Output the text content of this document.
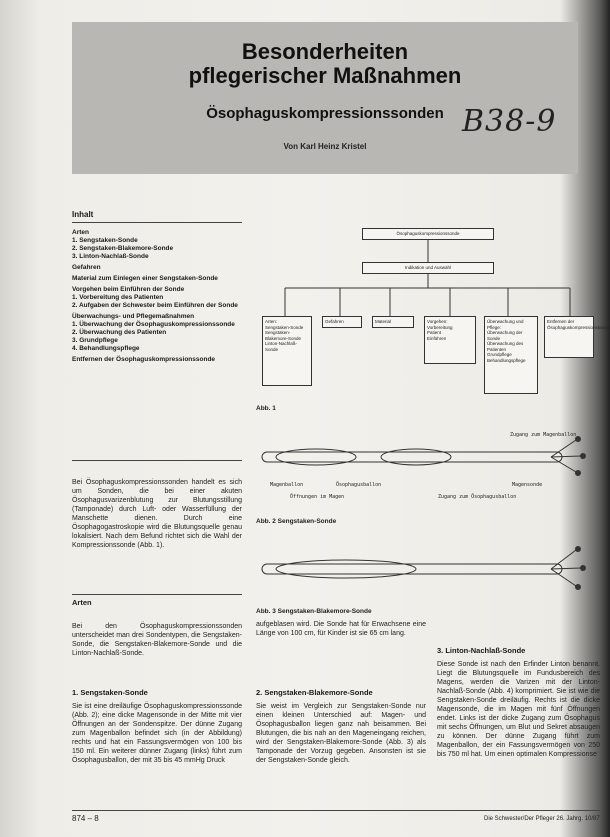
Besonderheiten
pflegerischer Maßnahmen
Ösophaguskompressionssonden
Von Karl Heinz Kristel
B38-9
Inhalt
Arten
1. Sengstaken-Sonde
2. Sengstaken-Blakemore-Sonde
3. Linton-Nachlaß-Sonde
Gefahren
Material zum Einlegen einer Sengstaken-Sonde
Vorgehen beim Einführen der Sonde
1. Vorbereitung des Patienten
2. Aufgaben der Schwester beim Einführen der Sonde
Überwachungs- und Pflegemaßnahmen
1. Überwachung der Ösophaguskompressionssonde
2. Überwachung des Patienten
3. Grundpflege
4. Behandlungspflege
Entfernen der Ösophaguskompressionssonde
Bei Ösophaguskompressionssonden handelt es sich um Sonden, die bei einer akuten Ösophagusvarizenblutung zur Blutungsstillung (Tamponade) durch Luft- oder Wasserfüllung der Manschette dienen. Durch eine Ösophagogastroskopie wird die Blutungsquelle genau lokalisiert. Nach dem Befund richtet sich die Wahl der Kompressionssonde (Abb. 1).
Arten
Bei den Ösophaguskompressionssonden unterscheidet man drei Sondentypen, die Sengstaken-Sonde, die Sengstaken-Blakemore-Sonde und die Linton-Nachlaß-Sonde.
1. Sengstaken-Sonde
Sie ist eine dreiläufige Ösophaguskompressionssonde (Abb. 2); eine dicke Magensonde in der Mitte mit vier Öffnungen an der Sondenspitze. Der dünne Zugang zum Magenballon befindet sich (in der Abbildung) rechts und hat ein Fassungsvermögen von 100 bis 150 ml. Ein weiterer dünner Zugang (links) führt zum Ösophagusballon, der mit 35 bis 45 mmHg Druck
aufgeblasen wird. Die Sonde hat für Erwachsene eine Länge von 100 cm, für Kinder ist sie 65 cm lang.
2. Sengstaken-Blakemore-Sonde
Sie weist im Vergleich zur Sengstaken-Sonde nur einen kleinen Unterschied auf: Magen- und Ösophagusballon liegen ganz nah beisammen. Bei Blutungen, die bis nah an den Mageneingang reichen, wird der Sengstaken-Blakemore-Sonde (Abb. 3) als Tamponade der Vorzug gegeben. Ansonsten ist sie der Sengstaken-Sonde gleich.
3. Linton-Nachlaß-Sonde
Diese Sonde ist nach den Erfinder Linton benannt. Liegt die Blutungsquelle im Fundusbereich des Magens, werden die Varizen mit der Linton-Nachlaß-Sonde (Abb. 4) komprimiert. Sie ist wie die Sengstaken-Sonde dreiläufig. Rechts ist die dicke Magensonde, die im Magen mit fünf Öffnungen endet. Links ist der dicke Zugang zum Ösophagus mit sechs Öffnungen, um Blut und Sekret absaugen zu können. Der dünne Zugang führt zum Magenballon, der ein Fassungsvermögen von 250 bis 750 ml hat. Um einen optimalen Kompressionse
Ösophaguskompressionssonde
Indikation und Auswahl
Arten:
Sengstaken-Sonde
Sengstaken-Blakemore-Sonde
Linton-Nachlaß-Sonde
Gefahren	Material	Vorgehen:
Vorbereitung
Patient
Einführen
Überwachung und Pflege:
Überwachung der Sonde
Überwachung des Patienten
Grundpflege
Behandlungspflege
Entfernen der Ösophaguskompressionssonde
Abb. 1
Zugang zum Magenballon
Magenballon	Ösophagusballon	Magensonde
Öffnungen im Magen	Zugang zum Ösophagusballon
Abb. 2 Sengstaken-Sonde
Abb. 3 Sengstaken-Blakemore-Sonde
874 – 8	Die Schwester/Der Pfleger 26. Jahrg. 10/87
